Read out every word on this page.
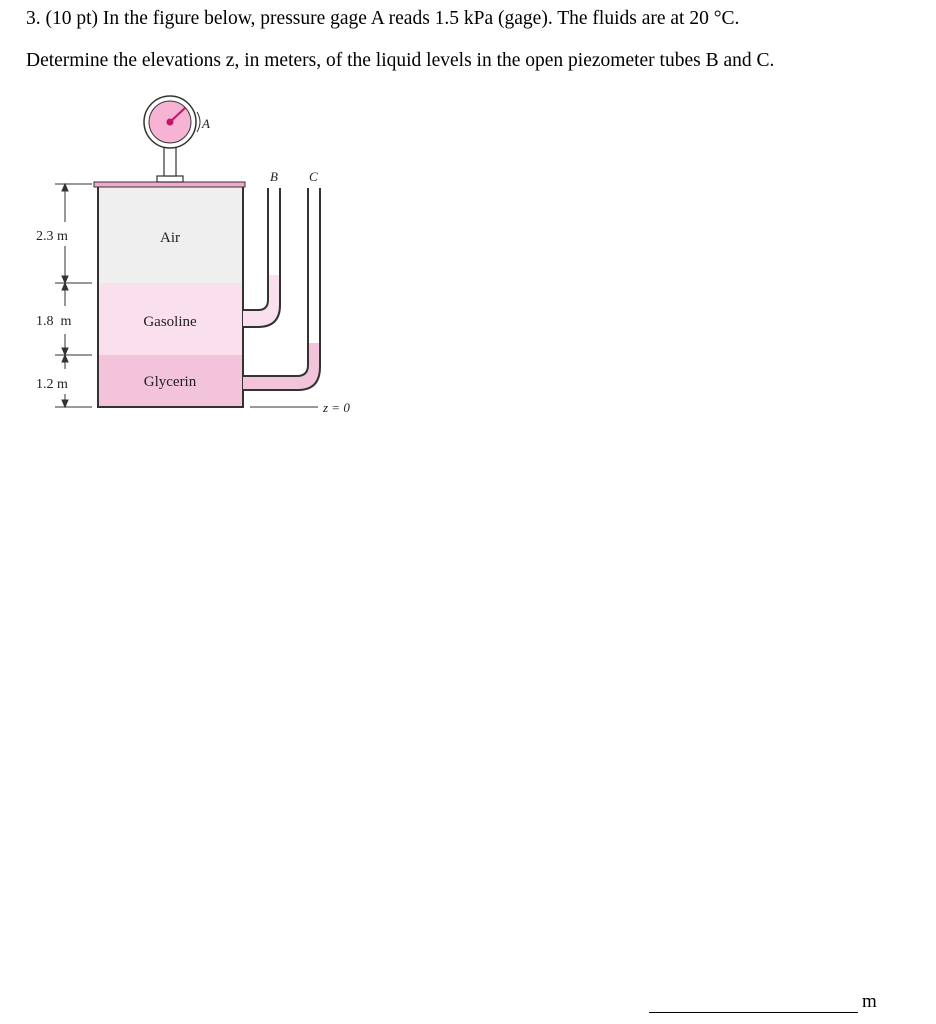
3. (10 pt) In the figure below, pressure gage A reads 1.5 kPa (gage). The fluids are at 20 °C.
Determine the elevations z, in meters, of the liquid levels in the open piezometer tubes B and C.
A
B C
z = 0
2.3 m
1.8  m
1.2 m
Air
Gasoline
Glycerin
m
